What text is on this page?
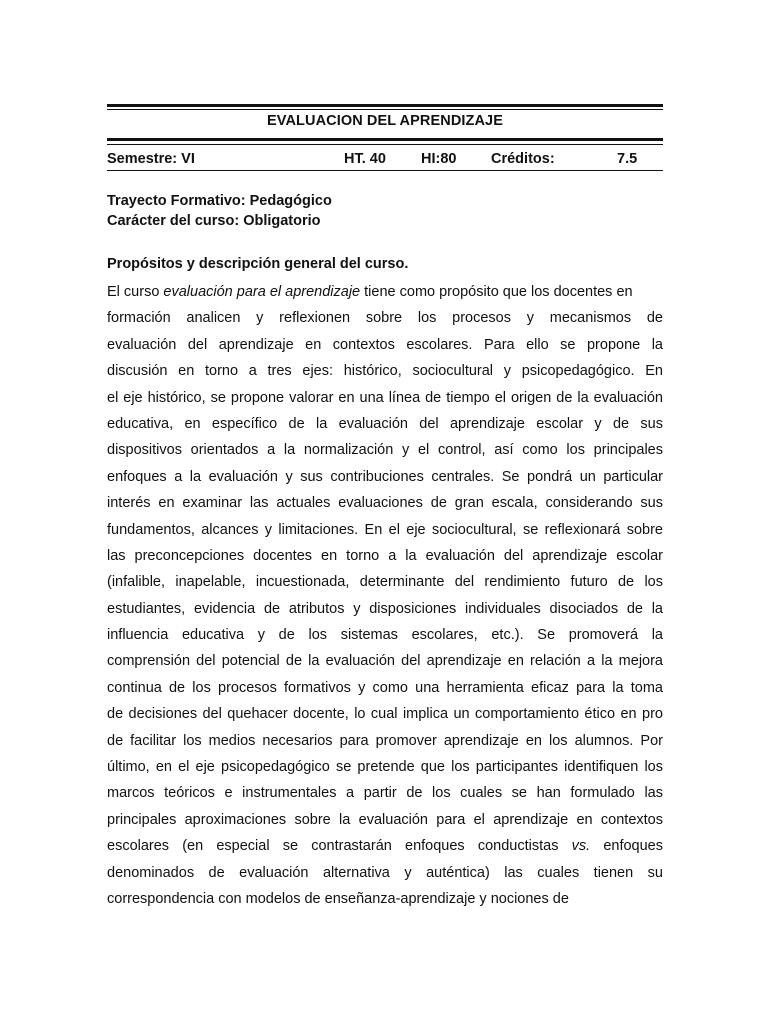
EVALUACION DEL APRENDIZAJE
Semestre: VI	HT. 40 HI:80 Créditos:	7.5
Trayecto Formativo: Pedagógico
Carácter del curso: Obligatorio
Propósitos y descripción general del curso.
El curso evaluación para el aprendizaje tiene como propósito que los docentes en
formación analicen y reflexionen sobre los procesos y mecanismos de
evaluación del aprendizaje en contextos escolares. Para ello se propone la
discusión en torno a tres ejes: histórico, sociocultural y psicopedagógico. En
el eje histórico, se propone valorar en una línea de tiempo el origen de la evaluación
educativa, en específico de la evaluación del aprendizaje escolar y de sus
dispositivos orientados a la normalización y el control, así como los principales
enfoques a la evaluación y sus contribuciones centrales. Se pondrá un particular
interés en examinar las actuales evaluaciones de gran escala, considerando sus
fundamentos, alcances y limitaciones. En el eje sociocultural, se reflexionará sobre
las preconcepciones docentes en torno a la evaluación del aprendizaje escolar
(infalible, inapelable, incuestionada, determinante del rendimiento futuro de los
estudiantes, evidencia de atributos y disposiciones individuales disociados de la
influencia educativa y de los sistemas escolares, etc.). Se promoverá la
comprensión del potencial de la evaluación del aprendizaje en relación a la mejora
continua de los procesos formativos y como una herramienta eficaz para la toma
de decisiones del quehacer docente, lo cual implica un comportamiento ético en pro
de facilitar los medios necesarios para promover aprendizaje en los alumnos. Por
último, en el eje psicopedagógico se pretende que los participantes identifiquen los
marcos teóricos e instrumentales a partir de los cuales se han formulado las
principales aproximaciones sobre la evaluación para el aprendizaje en contextos
escolares (en especial se contrastarán enfoques conductistas vs. enfoques
denominados de evaluación alternativa y auténtica) las cuales tienen su
correspondencia con modelos de enseñanza-aprendizaje y nociones de
